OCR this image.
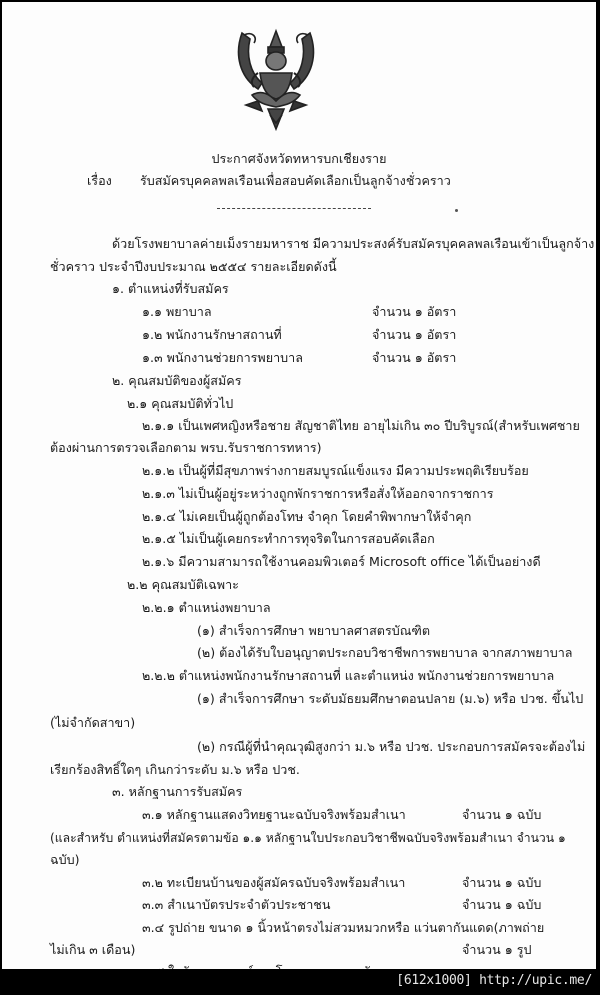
ประกาศจังหวัดทหารบกเชียงราย
เรื่อง รับสมัครบุคคลพลเรือนเพื่อสอบคัดเลือกเป็นลูกจ้างชั่วคราว
ด้วยโรงพยาบาลค่ายเม็งรายมหาราช มีความประสงค์รับสมัครบุคคลพลเรือนเข้าเป็นลูกจ้าง
ชั่วคราว ประจำปีงบประมาณ ๒๕๕๔ รายละเอียดดังนี้
๑. ตำแหน่งที่รับสมัคร
๑.๑ พยาบาล	จำนวน ๑ อัตรา
๑.๒ พนักงานรักษาสถานที่	จำนวน ๑ อัตรา
๑.๓ พนักงานช่วยการพยาบาล	จำนวน ๑ อัตรา
๒. คุณสมบัติของผู้สมัคร
๒.๑ คุณสมบัติทั่วไป
๒.๑.๑ เป็นเพศหญิงหรือชาย สัญชาติไทย อายุไม่เกิน ๓๐ ปีบริบูรณ์(สำหรับเพศชาย
ต้องผ่านการตรวจเลือกตาม พรบ.รับราชการทหาร)
๒.๑.๒ เป็นผู้ที่มีสุขภาพร่างกายสมบูรณ์แข็งแรง มีความประพฤติเรียบร้อย
๒.๑.๓ ไม่เป็นผู้อยู่ระหว่างถูกพักราชการหรือสั่งให้ออกจากราชการ
๒.๑.๔ ไม่เคยเป็นผู้ถูกต้องโทษ จำคุก โดยคำพิพากษาให้จำคุก
๒.๑.๕ ไม่เป็นผู้เคยกระทำการทุจริตในการสอบคัดเลือก
๒.๑.๖ มีความสามารถใช้งานคอมพิวเตอร์ Microsoft office ได้เป็นอย่างดี
๒.๒ คุณสมบัติเฉพาะ
๒.๒.๑ ตำแหน่งพยาบาล
(๑) สำเร็จการศึกษา พยาบาลศาสตรบัณฑิต
(๒) ต้องได้รับใบอนุญาตประกอบวิชาชีพการพยาบาล จากสภาพยาบาล
๒.๒.๒ ตำแหน่งพนักงานรักษาสถานที่ และตำแหน่ง พนักงานช่วยการพยาบาล
(๑) สำเร็จการศึกษา ระดับมัธยมศึกษาตอนปลาย (ม.๖) หรือ ปวช. ขึ้นไป
(ไม่จำกัดสาขา)
(๒) กรณีผู้ที่นำคุณวุฒิสูงกว่า ม.๖ หรือ ปวช. ประกอบการสมัครจะต้องไม่
เรียกร้องสิทธิ์ใดๆ เกินกว่าระดับ ม.๖ หรือ ปวช.
๓. หลักฐานการรับสมัคร
๓.๑ หลักฐานแสดงวิทยฐานะฉบับจริงพร้อมสำเนา	จำนวน ๑ ฉบับ
(และสำหรับ ตำแหน่งที่สมัครตามข้อ ๑.๑ หลักฐานใบประกอบวิชาชีพฉบับจริงพร้อมสำเนา จำนวน ๑
ฉบับ)
๓.๒ ทะเบียนบ้านของผู้สมัครฉบับจริงพร้อมสำเนา	จำนวน ๑ ฉบับ
๓.๓ สำเนาบัตรประจำตัวประชาชน	จำนวน ๑ ฉบับ
๓.๔ รูปถ่าย ขนาด ๑ นิ้วหน้าตรงไม่สวมหมวกหรือ แว่นตากันแดด(ภาพถ่าย
ไม่เกิน ๓ เดือน)	จำนวน ๑ รูป
[612x1000] http://upic.me/
